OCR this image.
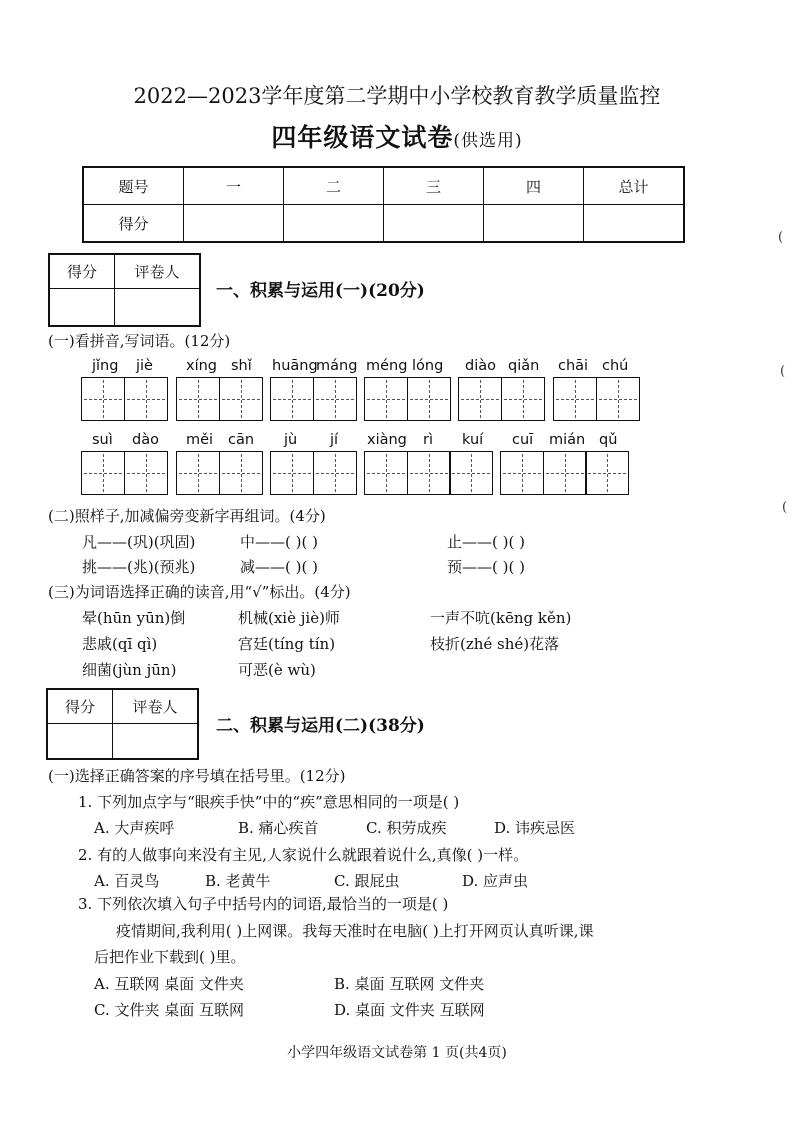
2022—2023学年度第二学期中小学校教育教学质量监控
四年级语文试卷(供选用)
题号	一	二	三	四	总计
得分					
得分	评卷人

一、积累与运用(一)(20分)
(一)看拼音,写词语。(12分)
jǐng jiè xíng shǐ huāng
máng méng lóng diào qiǎn chāi chú
suì dào měi cān jù jí xiàng rì kuí cuī mián qǔ
(二)照样子,加减偏旁变新字再组词。(4分)
凡——(巩)(巩固)	中——( )( )	止——( )( )
挑——(兆)(预兆)	减——( )( )	预——( )( )
(三)为词语选择正确的读音,用“√”标出。(4分)
晕(hūn yūn)倒	机械(xiè jiè)师	一声不吭(kēng kěn)
悲戚(qī qì)	宫廷(tíng tín)	枝折(zhé shé)花落
细菌(jùn jūn)	可恶(è wù)
得分	评卷人

二、积累与运用(二)(38分)
(一)选择正确答案的序号填在括号里。(12分)
1. 下列加点字与“眼疾手快”中的“疾”意思相同的一项是( )
A. 大声疾呼	B. 痛心疾首	C. 积劳成疾	D. 讳疾忌医
2. 有的人做事向来没有主见,人家说什么就跟着说什么,真像( )一样。
A. 百灵鸟	B. 老黄牛	C. 跟屁虫	D. 应声虫
3. 下列依次填入句子中括号内的词语,最恰当的一项是( )
疫情期间,我利用( )上网课。我每天准时在电脑( )上打开网页认真听课,课
后把作业下载到( )里。
A. 互联网 桌面 文件夹	B. 桌面 互联网 文件夹
C. 文件夹 桌面 互联网	D. 桌面 文件夹 互联网
小学四年级语文试卷第 1 页(共4页)
(
(
(
